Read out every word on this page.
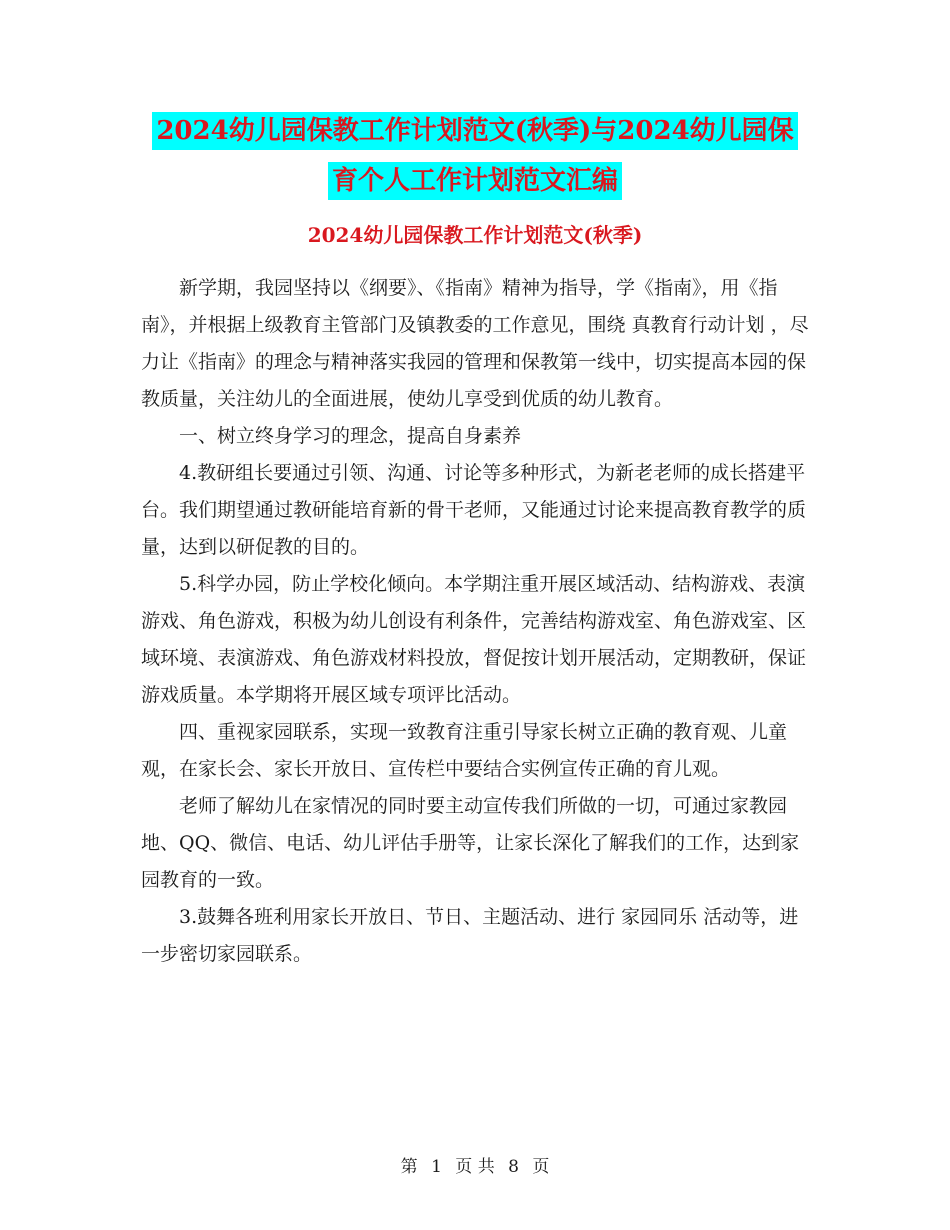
2024幼儿园保教工作计划范文(秋季)与2024幼儿园保
育个人工作计划范文汇编
2024幼儿园保教工作计划范文(秋季)

新学期，我园坚持以《纲要》、《指南》精神为指导，学《指南》，用《指南》，并根据上级教育主管部门及镇教委的工作意见，围绕 真教育行动计划 ，尽力让《指南》的理念与精神落实我园的管理和保教第一线中，切实提高本园的保教质量，关注幼儿的全面进展，使幼儿享受到优质的幼儿教育。

一、树立终身学习的理念，提高自身素养

4.教研组长要通过引领、沟通、讨论等多种形式，为新老老师的成长搭建平台。我们期望通过教研能培育新的骨干老师，又能通过讨论来提高教育教学的质量，达到以研促教的目的。

5.科学办园，防止学校化倾向。本学期注重开展区域活动、结构游戏、表演游戏、角色游戏，积极为幼儿创设有利条件，完善结构游戏室、角色游戏室、区域环境、表演游戏、角色游戏材料投放，督促按计划开展活动，定期教研，保证游戏质量。本学期将开展区域专项评比活动。

四、重视家园联系，实现一致教育注重引导家长树立正确的教育观、儿童观，在家长会、家长开放日、宣传栏中要结合实例宣传正确的育儿观。

老师了解幼儿在家情况的同时要主动宣传我们所做的一切，可通过家教园地、QQ、微信、电话、幼儿评估手册等，让家长深化了解我们的工作，达到家园教育的一致。

3.鼓舞各班利用家长开放日、节日、主题活动、进行 家园同乐 活动等，进一步密切家园联系。

第 1 页 共 8 页
